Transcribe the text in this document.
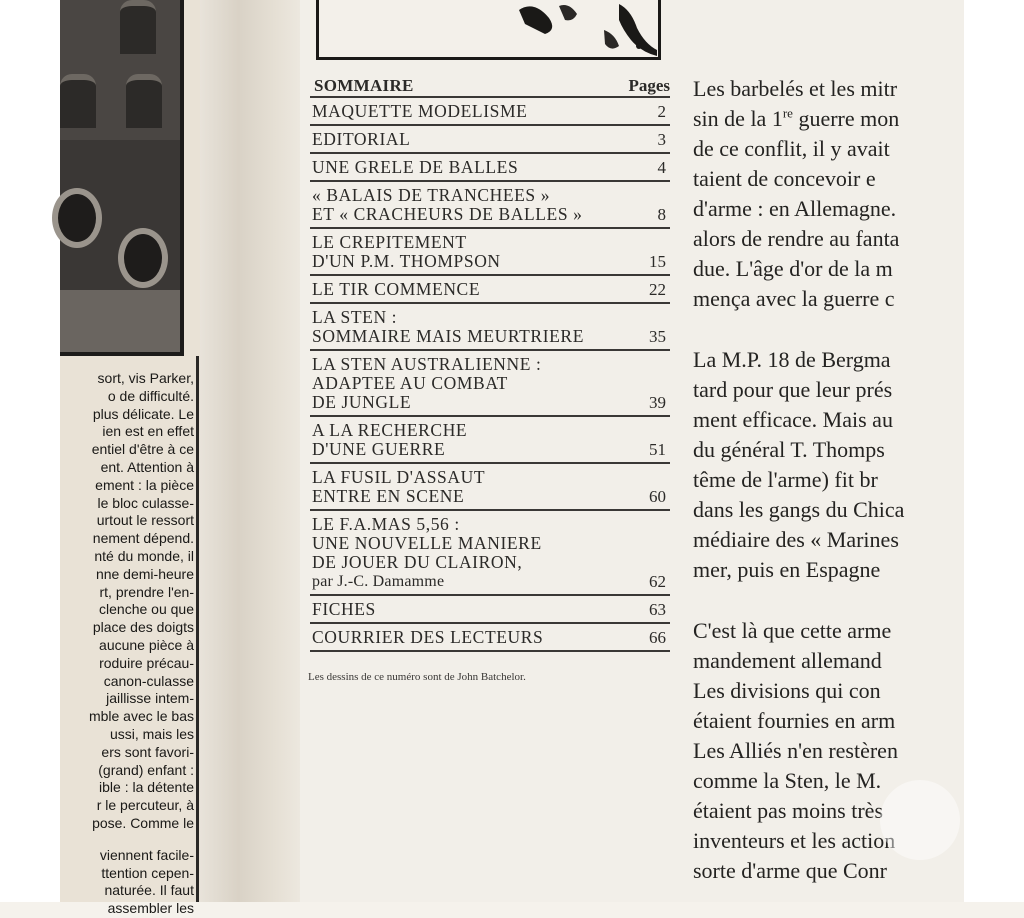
sort, vis Parker,
o de difficulté.
plus délicate. Le
ien est en effet
entiel d'être à ce
ent. Attention à
ement : la pièce
le bloc culasse-
urtout le ressort
nement dépend.
nté du monde, il
nne demi-heure
rt, prendre l'en-
clenche ou que
place des doigts
aucune pièce à
roduire précau-
canon-culasse
jaillisse intem-
mble avec le bas
ussi, mais les
ers sont favori-
(grand) enfant :
ible : la détente
r le percuteur, à
pose. Comme le
viennent facile-
ttention cepen-
naturée. Il faut
assembler les
SOMMAIRE	Pages
MAQUETTE MODELISME	2
EDITORIAL	3
UNE GRELE DE BALLES	4
« BALAIS DE TRANCHEES »
ET « CRACHEURS DE BALLES »	8
LE CREPITEMENT
D'UN P.M. THOMPSON	15
LE TIR COMMENCE	22
LA STEN :
SOMMAIRE MAIS MEURTRIERE	35
LA STEN AUSTRALIENNE :
ADAPTEE AU COMBAT
DE JUNGLE	39
A LA RECHERCHE
D'UNE GUERRE	51
LA FUSIL D'ASSAUT
ENTRE EN SCENE	60
LE F.A.MAS 5,56 :
UNE NOUVELLE MANIERE
DE JOUER DU CLAIRON,
par J.-C. Damamme	62
FICHES	63
COURRIER DES LECTEURS	66
Les dessins de ce numéro sont de John Batchelor.
Les barbelés et les mitr
sin de la 1re guerre mon
de ce conflit, il y avait
taient de concevoir e
d'arme : en Allemagne.
alors de rendre au fanta
due. L'âge d'or de la m
mença avec la guerre c
La M.P. 18 de Bergma
tard pour que leur prés
ment efficace. Mais au
du général T. Thomps
tême de l'arme) fit br
dans les gangs du Chica
médiaire des « Marines
mer, puis en Espagne
C'est là que cette arme
mandement allemand
Les divisions qui con
étaient fournies en arm
Les Alliés n'en restèren
comme la Sten, le M.
étaient pas moins très
inventeurs et les action
sorte d'arme que Conr
